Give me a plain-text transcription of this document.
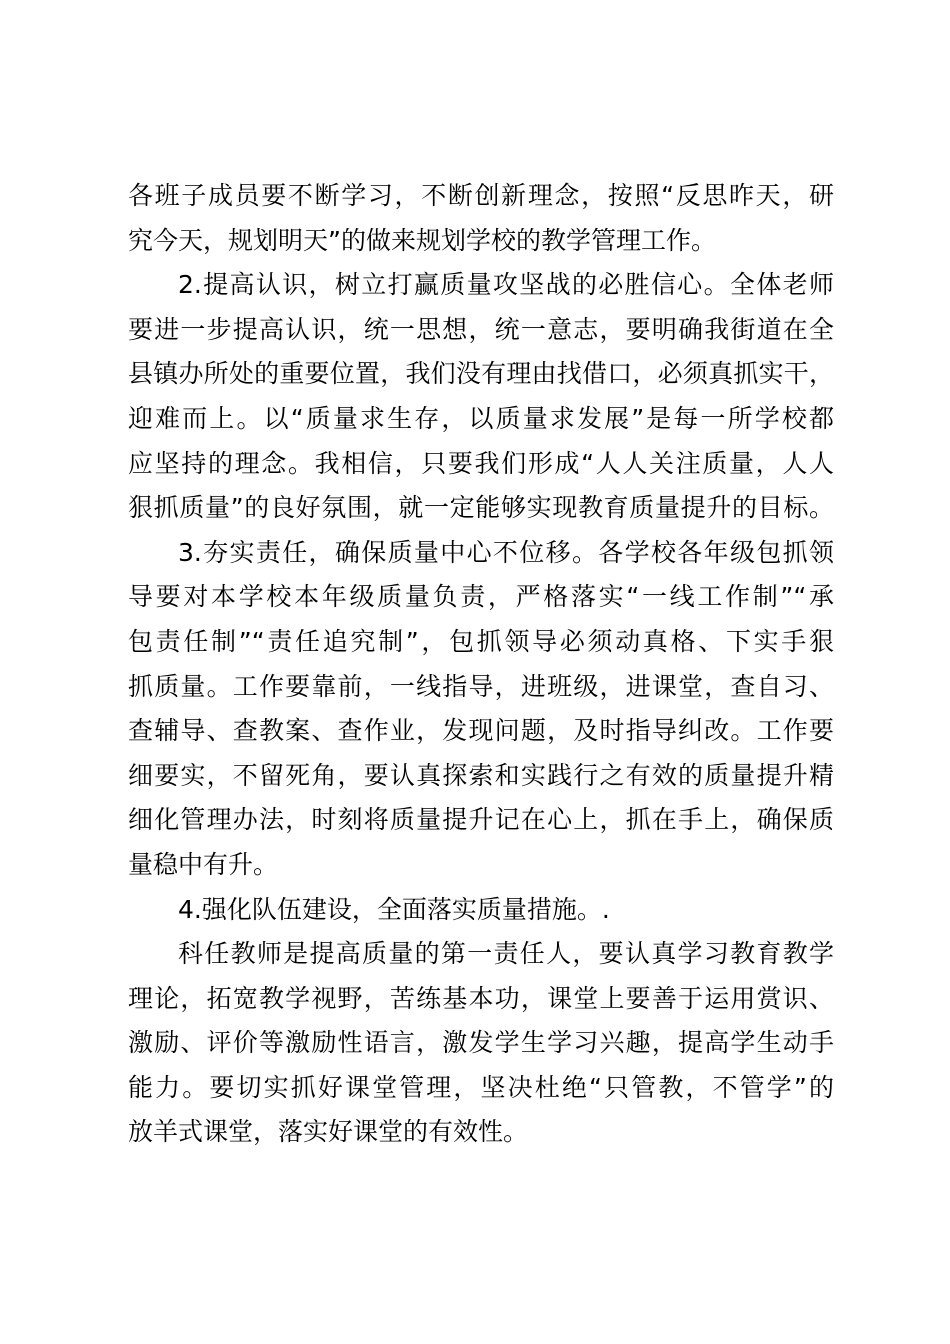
各班子成员要不断学习，不断创新理念，按照“反思昨天，研
究今天，规划明天”的做来规划学校的教学管理工作。
2.提高认识，树立打赢质量攻坚战的必胜信心。全体老师
要进一步提高认识，统一思想，统一意志，要明确我街道在全
县镇办所处的重要位置，我们没有理由找借口，必须真抓实干，
迎难而上。以“质量求生存，以质量求发展”是每一所学校都
应坚持的理念。我相信，只要我们形成“人人关注质量，人人
狠抓质量”的良好氛围，就一定能够实现教育质量提升的目标。
3.夯实责任，确保质量中心不位移。各学校各年级包抓领
导要对本学校本年级质量负责，严格落实“一线工作制”“承
包责任制”“责任追究制”，包抓领导必须动真格、下实手狠
抓质量。工作要靠前，一线指导，进班级，进课堂，查自习、
查辅导、查教案、查作业，发现问题，及时指导纠改。工作要
细要实，不留死角，要认真探索和实践行之有效的质量提升精
细化管理办法，时刻将质量提升记在心上，抓在手上，确保质
量稳中有升。
4.强化队伍建设，全面落实质量措施。.
科任教师是提高质量的第一责任人，要认真学习教育教学
理论，拓宽教学视野，苦练基本功，课堂上要善于运用赏识、
激励、评价等激励性语言，激发学生学习兴趣，提高学生动手
能力。要切实抓好课堂管理，坚决杜绝“只管教，不管学”的
放羊式课堂，落实好课堂的有效性。
